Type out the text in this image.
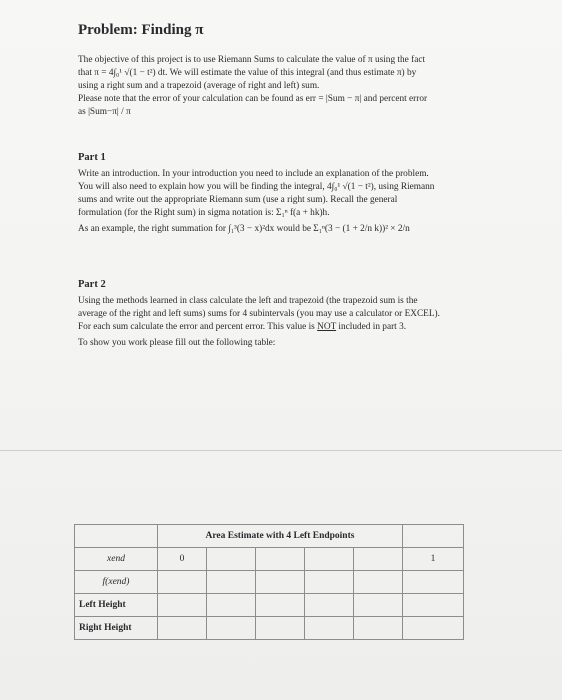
Problem: Finding π

The objective of this project is to use Riemann Sums to calculate the value of π using the fact

that π = 4∫₀¹ √(1 − t²) dt. We will estimate the value of this integral (and thus estimate π) by

using a right sum and a trapezoid (average of right and left) sum.

Please note that the error of your calculation can be found as err = |Sum − π| and percent error

as |Sum−π| / π

Part 1

Write an introduction. In your introduction you need to include an explanation of the problem.

You will also need to explain how you will be finding the integral, 4∫₀¹ √(1 − t²), using Riemann

sums and write out the appropriate Riemann sum (use a right sum). Recall the general

formulation (for the Right sum) in sigma notation is: Σ₁ⁿ f(a + hk)h.

As an example, the right summation for ∫₁³(3 − x)²dx would be Σ₁ⁿ(3 − (1 + 2/n k))² × 2/n

Part 2

Using the methods learned in class calculate the left and trapezoid (the trapezoid sum is the

average of the right and left sums) sums for 4 subintervals (you may use a calculator or EXCEL).

For each sum calculate the error and percent error. This value is NOT included in part 3.

To show you work please fill out the following table:

	Area Estimate with 4 Left Endpoints					
xend	0					1
f(xend)						
Left Height						
Right Height						
